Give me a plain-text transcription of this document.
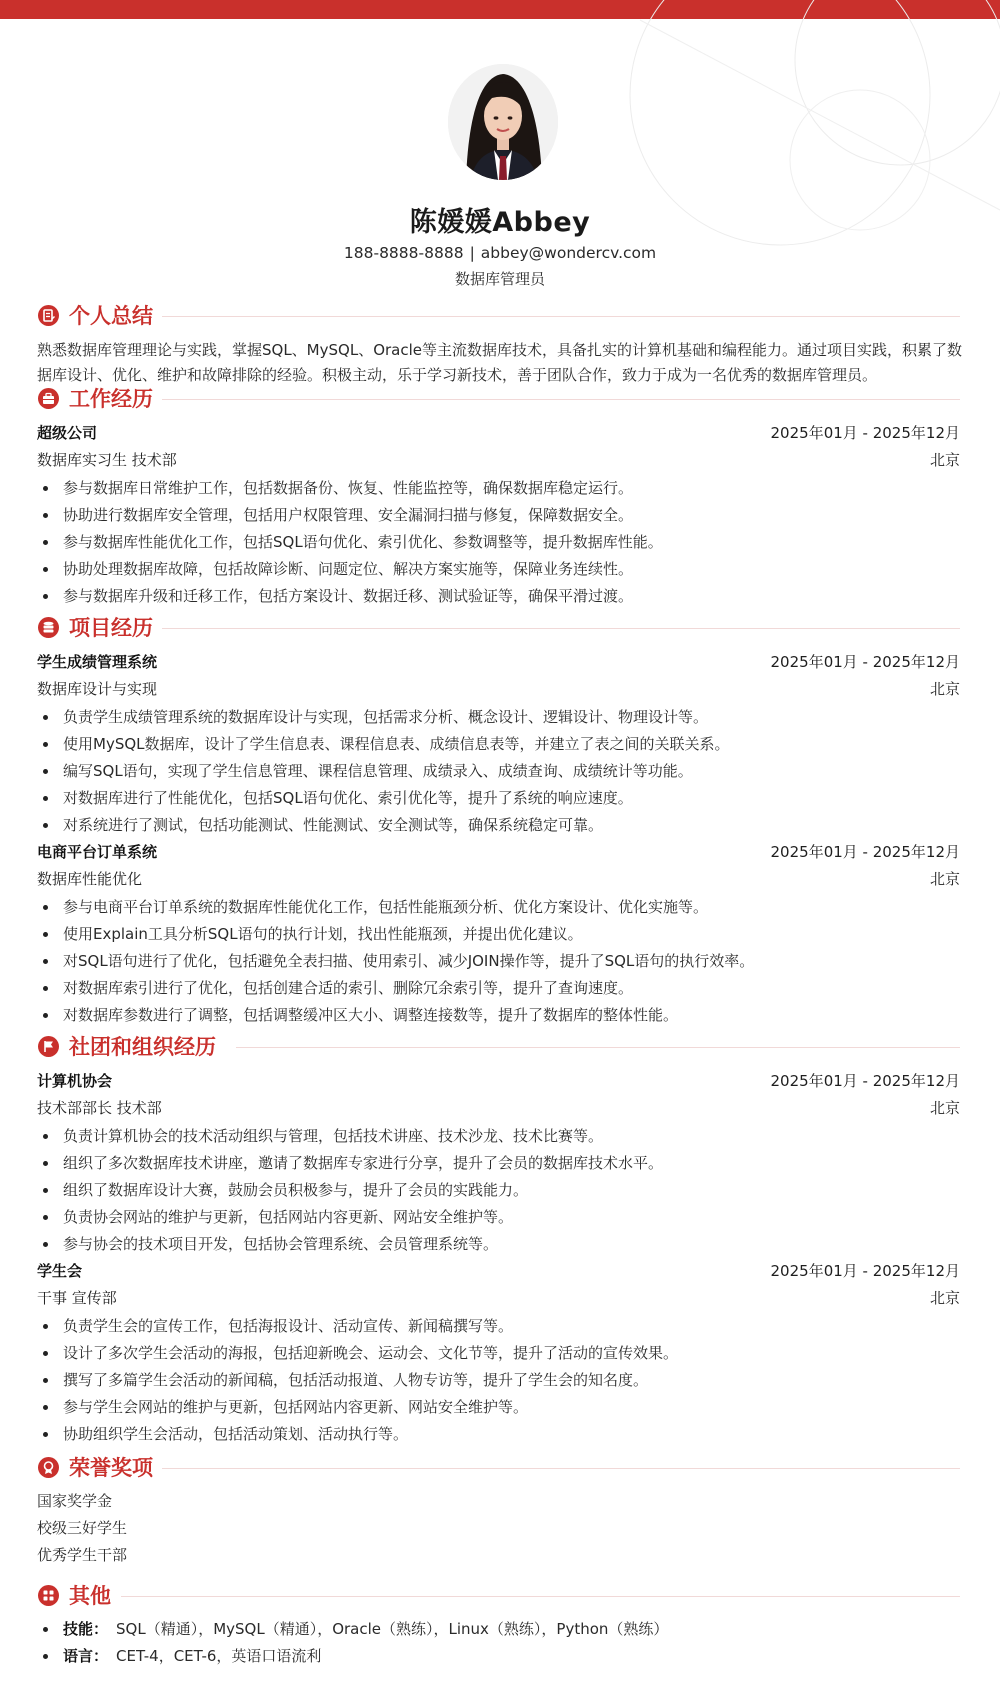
陈媛媛Abbey
188-8888-8888 | abbey@wondercv.com
数据库管理员
个人总结
熟悉数据库管理理论与实践，掌握SQL、MySQL、Oracle等主流数据库技术，具备扎实的计算机基础和编程能力。通过项目实践，积累了数据库设计、优化、维护和故障排除的经验。积极主动，乐于学习新技术，善于团队合作，致力于成为一名优秀的数据库管理员。
工作经历
超级公司	2025年01月 - 2025年12月
数据库实习生 技术部	北京
参与数据库日常维护工作，包括数据备份、恢复、性能监控等，确保数据库稳定运行。
协助进行数据库安全管理，包括用户权限管理、安全漏洞扫描与修复，保障数据安全。
参与数据库性能优化工作，包括SQL语句优化、索引优化、参数调整等，提升数据库性能。
协助处理数据库故障，包括故障诊断、问题定位、解决方案实施等，保障业务连续性。
参与数据库升级和迁移工作，包括方案设计、数据迁移、测试验证等，确保平滑过渡。
项目经历
学生成绩管理系统	2025年01月 - 2025年12月
数据库设计与实现	北京
负责学生成绩管理系统的数据库设计与实现，包括需求分析、概念设计、逻辑设计、物理设计等。
使用MySQL数据库，设计了学生信息表、课程信息表、成绩信息表等，并建立了表之间的关联关系。
编写SQL语句，实现了学生信息管理、课程信息管理、成绩录入、成绩查询、成绩统计等功能。
对数据库进行了性能优化，包括SQL语句优化、索引优化等，提升了系统的响应速度。
对系统进行了测试，包括功能测试、性能测试、安全测试等，确保系统稳定可靠。
电商平台订单系统	2025年01月 - 2025年12月
数据库性能优化	北京
参与电商平台订单系统的数据库性能优化工作，包括性能瓶颈分析、优化方案设计、优化实施等。
使用Explain工具分析SQL语句的执行计划，找出性能瓶颈，并提出优化建议。
对SQL语句进行了优化，包括避免全表扫描、使用索引、减少JOIN操作等，提升了SQL语句的执行效率。
对数据库索引进行了优化，包括创建合适的索引、删除冗余索引等，提升了查询速度。
对数据库参数进行了调整，包括调整缓冲区大小、调整连接数等，提升了数据库的整体性能。
社团和组织经历
计算机协会	2025年01月 - 2025年12月
技术部部长 技术部	北京
负责计算机协会的技术活动组织与管理，包括技术讲座、技术沙龙、技术比赛等。
组织了多次数据库技术讲座，邀请了数据库专家进行分享，提升了会员的数据库技术水平。
组织了数据库设计大赛，鼓励会员积极参与，提升了会员的实践能力。
负责协会网站的维护与更新，包括网站内容更新、网站安全维护等。
参与协会的技术项目开发，包括协会管理系统、会员管理系统等。
学生会	2025年01月 - 2025年12月
干事 宣传部	北京
负责学生会的宣传工作，包括海报设计、活动宣传、新闻稿撰写等。
设计了多次学生会活动的海报，包括迎新晚会、运动会、文化节等，提升了活动的宣传效果。
撰写了多篇学生会活动的新闻稿，包括活动报道、人物专访等，提升了学生会的知名度。
参与学生会网站的维护与更新，包括网站内容更新、网站安全维护等。
协助组织学生会活动，包括活动策划、活动执行等。
荣誉奖项
国家奖学金
校级三好学生
优秀学生干部
其他
技能： SQL（精通），MySQL（精通），Oracle（熟练），Linux（熟练），Python（熟练）
语言： CET-4，CET-6，英语口语流利
